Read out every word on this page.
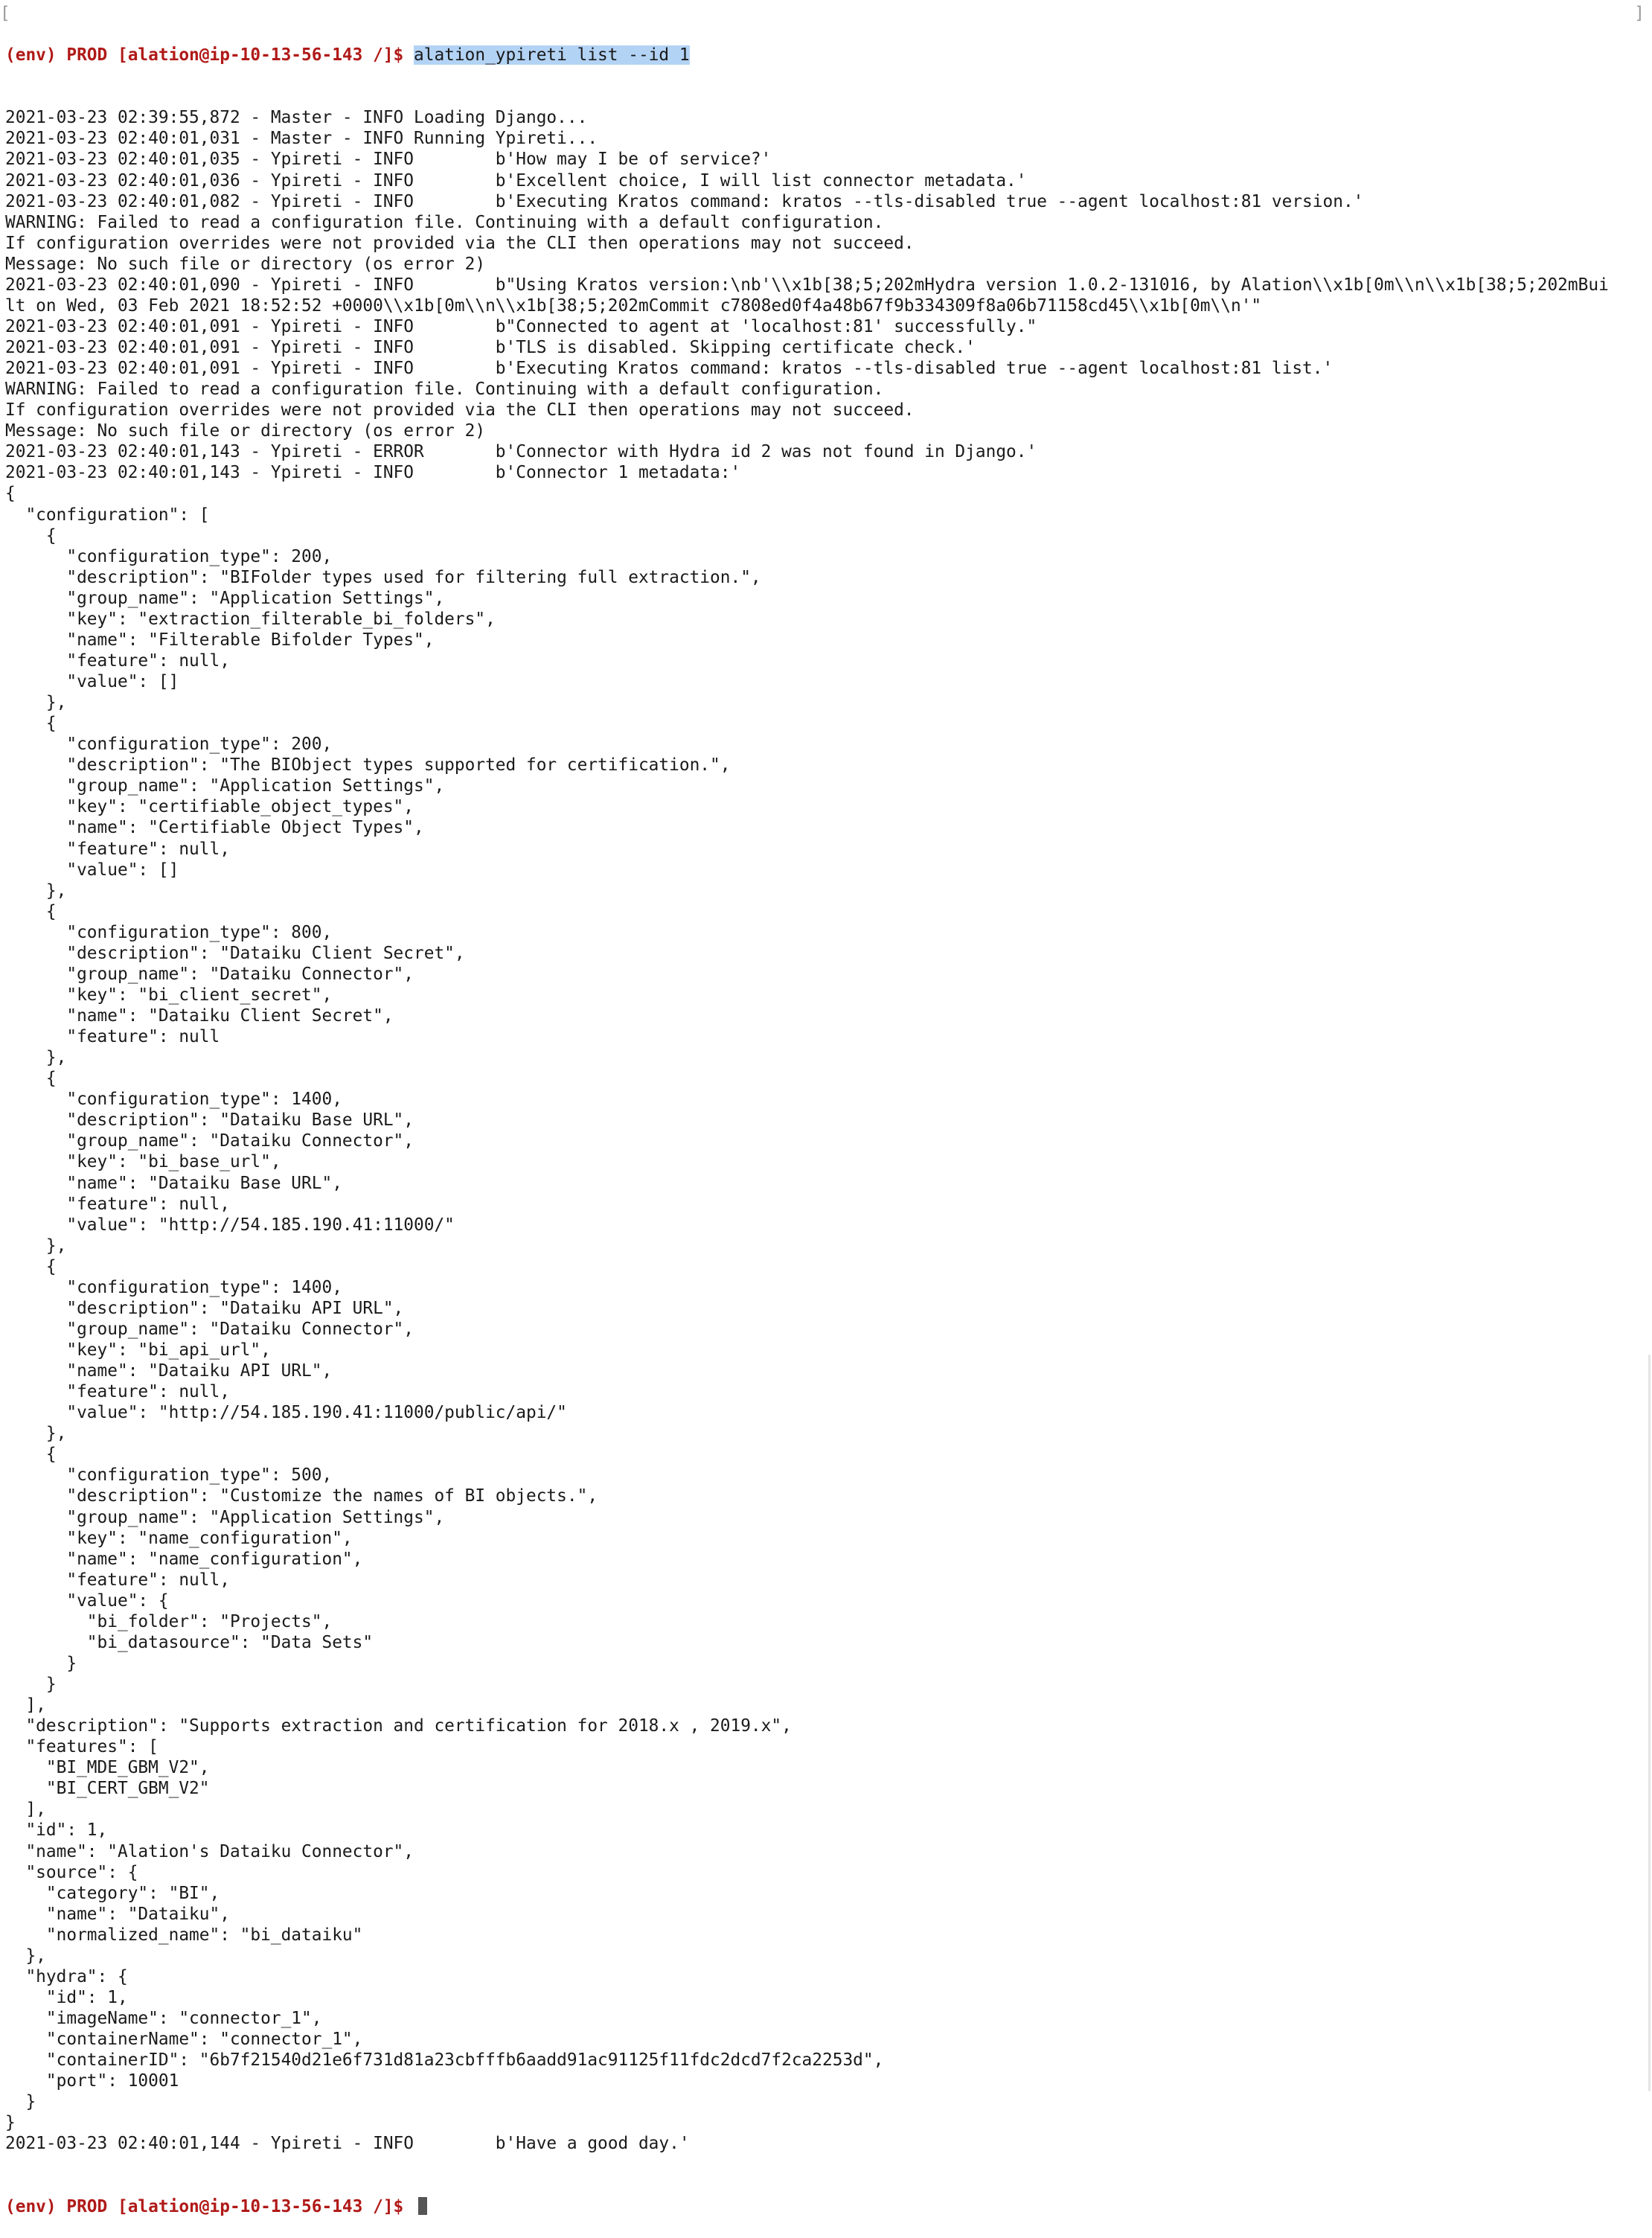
[	]

(env) PROD [alation@ip-10-13-56-143 /]$ alation_ypireti list --id 1

2021-03-23 02:39:55,872 - Master - INFO Loading Django...
2021-03-23 02:40:01,031 - Master - INFO Running Ypireti...
2021-03-23 02:40:01,035 - Ypireti - INFO        b'How may I be of service?'
2021-03-23 02:40:01,036 - Ypireti - INFO        b'Excellent choice, I will list connector metadata.'
2021-03-23 02:40:01,082 - Ypireti - INFO        b'Executing Kratos command: kratos --tls-disabled true --agent localhost:81 version.'
WARNING: Failed to read a configuration file. Continuing with a default configuration.
If configuration overrides were not provided via the CLI then operations may not succeed.
Message: No such file or directory (os error 2)
2021-03-23 02:40:01,090 - Ypireti - INFO        b"Using Kratos version:\nb'\\x1b[38;5;202mHydra version 1.0.2-131016, by Alation\\x1b[0m\\n\\x1b[38;5;202mBui
lt on Wed, 03 Feb 2021 18:52:52 +0000\\x1b[0m\\n\\x1b[38;5;202mCommit c7808ed0f4a48b67f9b334309f8a06b71158cd45\\x1b[0m\\n'"
2021-03-23 02:40:01,091 - Ypireti - INFO        b"Connected to agent at 'localhost:81' successfully."
2021-03-23 02:40:01,091 - Ypireti - INFO        b'TLS is disabled. Skipping certificate check.'
2021-03-23 02:40:01,091 - Ypireti - INFO        b'Executing Kratos command: kratos --tls-disabled true --agent localhost:81 list.'
WARNING: Failed to read a configuration file. Continuing with a default configuration.
If configuration overrides were not provided via the CLI then operations may not succeed.
Message: No such file or directory (os error 2)
2021-03-23 02:40:01,143 - Ypireti - ERROR       b'Connector with Hydra id 2 was not found in Django.'
2021-03-23 02:40:01,143 - Ypireti - INFO        b'Connector 1 metadata:'
{
"configuration": [
{
"configuration_type": 200,
"description": "BIFolder types used for filtering full extraction.",
"group_name": "Application Settings",
"key": "extraction_filterable_bi_folders",
"name": "Filterable Bifolder Types",
"feature": null,
"value": []
},
{
"configuration_type": 200,
"description": "The BIObject types supported for certification.",
"group_name": "Application Settings",
"key": "certifiable_object_types",
"name": "Certifiable Object Types",
"feature": null,
"value": []
},
{
"configuration_type": 800,
"description": "Dataiku Client Secret",
"group_name": "Dataiku Connector",
"key": "bi_client_secret",
"name": "Dataiku Client Secret",
"feature": null
},
{
"configuration_type": 1400,
"description": "Dataiku Base URL",
"group_name": "Dataiku Connector",
"key": "bi_base_url",
"name": "Dataiku Base URL",
"feature": null,
"value": "http://54.185.190.41:11000/"
},
{
"configuration_type": 1400,
"description": "Dataiku API URL",
"group_name": "Dataiku Connector",
"key": "bi_api_url",
"name": "Dataiku API URL",
"feature": null,
"value": "http://54.185.190.41:11000/public/api/"
},
{
"configuration_type": 500,
"description": "Customize the names of BI objects.",
"group_name": "Application Settings",
"key": "name_configuration",
"name": "name_configuration",
"feature": null,
"value": {
"bi_folder": "Projects",
"bi_datasource": "Data Sets"
}
}
],
"description": "Supports extraction and certification for 2018.x , 2019.x",
"features": [
"BI_MDE_GBM_V2",
"BI_CERT_GBM_V2"
],
"id": 1,
"name": "Alation's Dataiku Connector",
"source": {
"category": "BI",
"name": "Dataiku",
"normalized_name": "bi_dataiku"
},
"hydra": {
"id": 1,
"imageName": "connector_1",
"containerName": "connector_1",
"containerID": "6b7f21540d21e6f731d81a23cbfffb6aadd91ac91125f11fdc2dcd7f2ca2253d",
"port": 10001
}
}
2021-03-23 02:40:01,144 - Ypireti - INFO        b'Have a good day.'

(env) PROD [alation@ip-10-13-56-143 /]$
